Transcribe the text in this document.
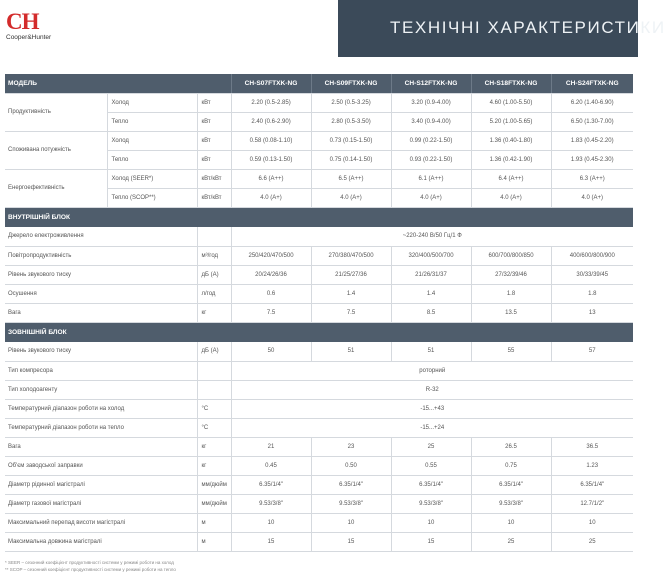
CH
Cooper&Hunter
ТЕХНІЧНІ ХАРАКТЕРИСТИКИ
МОДЕЛЬ			CH-S07FTXK-NG	CH-S09FTXK-NG	CH-S12FTXK-NG	CH-S18FTXK-NG	CH-S24FTXK-NG
Продуктивність	Холод	кВт	2.20 (0.5-2.85)	2.50 (0.5-3.25)	3.20 (0.9-4.00)	4.60 (1.00-5.50)	6.20 (1.40-6.90)
	Тепло	кВт	2.40 (0.6-2.90)	2.80 (0.5-3.50)	3.40 (0.9-4.00)	5.20 (1.00-5.65)	6.50 (1.30-7.00)
Споживана потужність	Холод	кВт	0.58 (0.08-1.10)	0.73 (0.15-1.50)	0.99 (0.22-1.50)	1.36 (0.40-1.80)	1.83 (0.45-2.20)
	Тепло	кВт	0.59 (0.13-1.50)	0.75 (0.14-1.50)	0.93 (0.22-1.50)	1.36 (0.42-1.90)	1.93 (0.45-2.30)
Енергоефективність	Холод (SEER*)	кВт/кВт	6.6 (A++)	6.5 (A++)	6.1 (A++)	6.4 (A++)	6.3 (A++)
	Тепло (SCOP**)	кВт/кВт	4.0 (A+)	4.0 (A+)	4.0 (A+)	4.0 (A+)	4.0 (A+)
ВНУТРІШНІЙ БЛОК							
Джерело електроживлення			~220-240 В/50 Гц/1 Ф				
Повітропродуктивність		м³/год	250/420/470/500	270/380/470/500	320/400/500/700	600/700/800/850	400/600/800/900
Рівень звукового тиску		дБ (А)	20/24/26/36	21/25/27/36	21/26/31/37	27/32/39/46	30/33/39/45
Осушення		л/год	0.6	1.4	1.4	1.8	1.8
Вага		кг	7.5	7.5	8.5	13.5	13
ЗОВНІШНІЙ БЛОК							
Рівень звукового тиску		дБ (А)	50	51	51	55	57
Тип компресора			роторний				
Тип холодоагенту			R-32				
Температурний діапазон роботи на холод		°С	-15...+43				
Температурний діапазон роботи на тепло		°С	-15...+24				
Вага		кг	21	23	25	26.5	36.5
Об'єм заводської заправки		кг	0.45	0.50	0.55	0.75	1.23
Діаметр рідинної магістралі		мм/дюйм	6.35/1/4"	6.35/1/4"	6.35/1/4"	6.35/1/4"	6.35/1/4"
Діаметр газової магістралі		мм/дюйм	9.53/3/8"	9.53/3/8"	9.53/3/8"	9.53/3/8"	12.7/1/2"
Максимальний перепад висоти магістралі		м	10	10	10	10	10
Максимальна довжина магістралі		м	15	15	15	25	25
* SEER – сезонний коефіцієнт продуктивності системи у режимі роботи на холод
** SCOP – сезонний коефіцієнт продуктивності системи у режимі роботи на тепло
